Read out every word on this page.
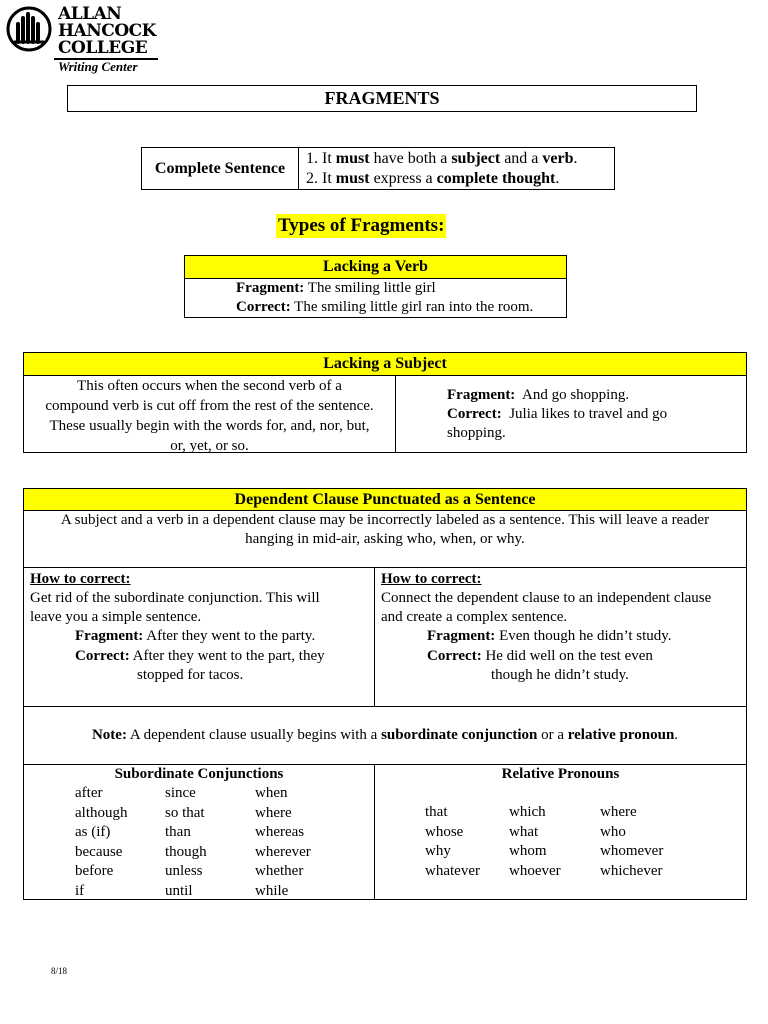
ALLAN
HANCOCK
COLLEGE
Writing Center
FRAGMENTS
Complete Sentence
1. It must have both a subject and a verb.
2. It must express a complete thought.
Types of Fragments:
Lacking a Verb
Fragment: The smiling little girl
Correct: The smiling little girl ran into the room.
Lacking a Subject
This often occurs when the second verb of a
compound verb is cut off from the rest of the sentence.
These usually begin with the words for, and, nor, but,
or, yet, or so.
Fragment:  And go shopping.
Correct:  Julia likes to travel and go
shopping.
Dependent Clause Punctuated as a Sentence
A subject and a verb in a dependent clause may be incorrectly labeled as a sentence. This will leave a reader
hanging in mid-air, asking who, when, or why.
How to correct:
Get rid of the subordinate conjunction. This will
leave you a simple sentence.
Fragment: After they went to the party.
Correct: After they went to the part, they
stopped for tacos.
How to correct:
Connect the dependent clause to an independent clause
and create a complex sentence.
Fragment: Even though he didn’t study.
Correct: He did well on the test even
though he didn’t study.
Note: A dependent clause usually begins with a subordinate conjunction or a relative pronoun.
Subordinate Conjunctions
after
although
as (if)
because
before
if
since
so that
than
though
unless
until
when
where
whereas
wherever
whether
while
Relative Pronouns
that
whose
why
whatever
which
what
whom
whoever
where
who
whomever
whichever
8/18
